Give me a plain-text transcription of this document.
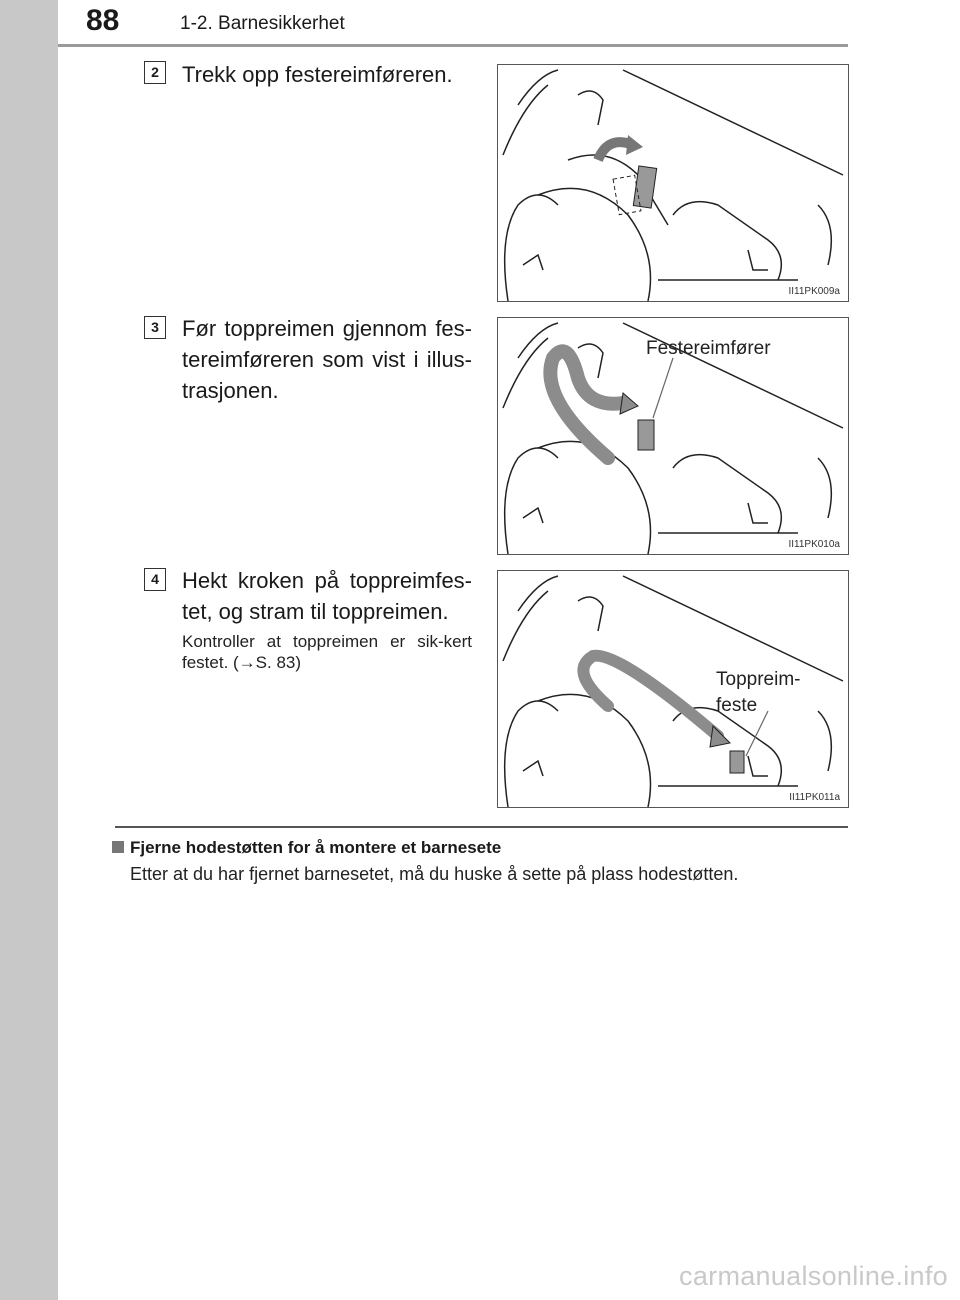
88	1-2. Barnesikkerhet
2	Trekk opp festereimføreren.
II11PK009a
3	Før toppreimen gjennom fes-tereimføreren som vist i illus-trasjonen.
Festereimfører
II11PK010a
4	Hekt kroken på toppreimfes-tet, og stram til toppreimen.
Kontroller at toppreimen er sik-kert festet. (→S. 83)
Toppreim-
feste
II11PK011a
Fjerne hodestøtten for å montere et barnesete
Etter at du har fjernet barnesetet, må du huske å sette på plass hodestøtten.
carmanualsonline.info
